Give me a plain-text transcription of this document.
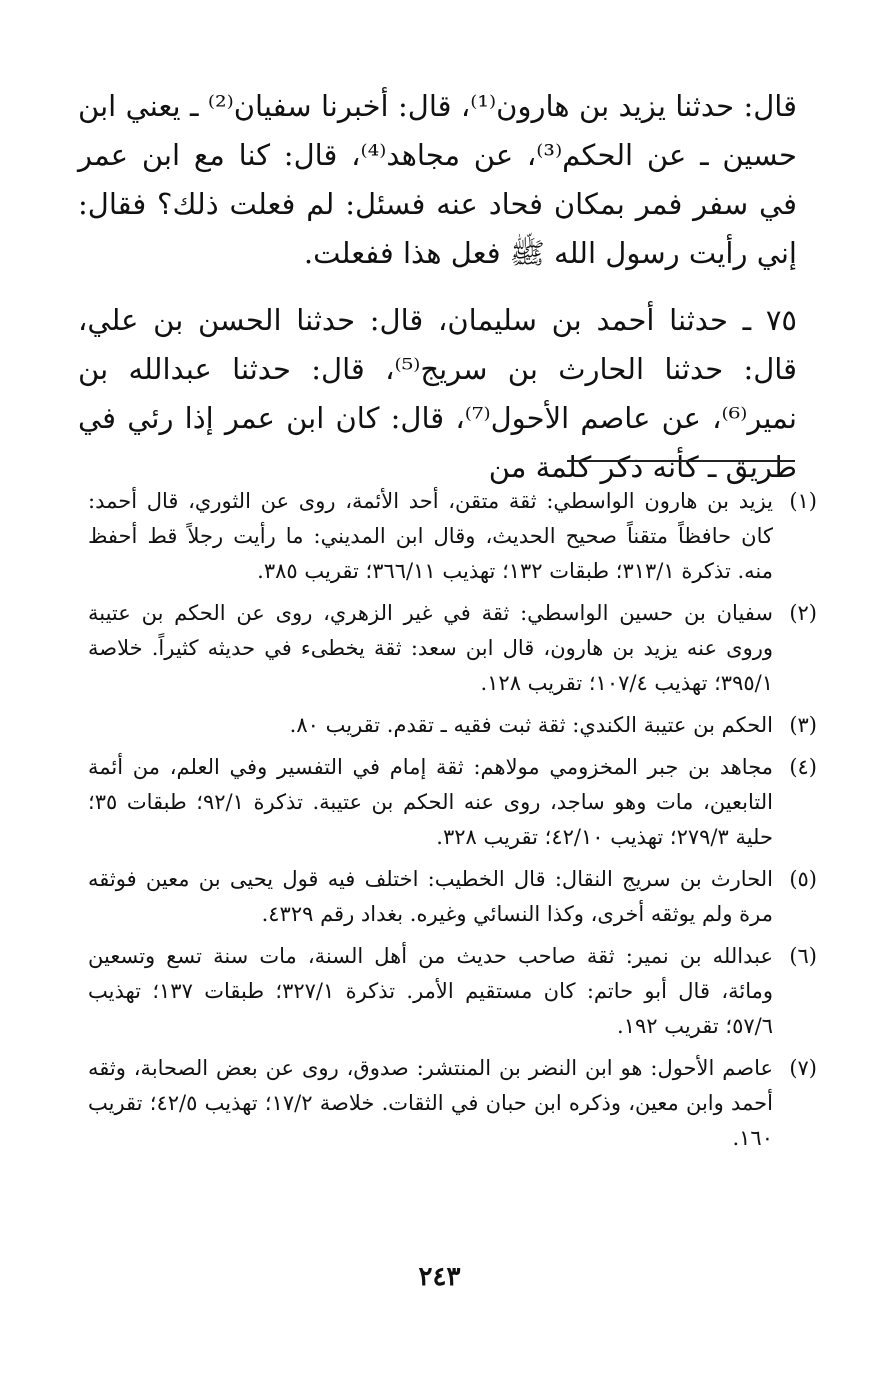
قال: حدثنا يزيد بن هارون⁽¹⁾، قال: أخبرنا سفيان⁽²⁾ ـ يعني ابن حسين ـ عن الحكم⁽³⁾، عن مجاهد⁽⁴⁾، قال: كنا مع ابن عمر في سفر فمر بمكان فحاد عنه فسئل: لم فعلت ذلك؟ فقال: إني رأيت رسول الله ﷺ فعل هذا ففعلت.

٧٥ ـ حدثنا أحمد بن سليمان، قال: حدثنا الحسن بن علي، قال: حدثنا الحارث بن سريج⁽⁵⁾، قال: حدثنا عبدالله بن نمير⁽⁶⁾، عن عاصم الأحول⁽⁷⁾، قال: كان ابن عمر إذا رئي في طريق ـ كأنه ذكر كلمة من

(١)
يزيد بن هارون الواسطي: ثقة متقن، أحد الأئمة، روى عن الثوري، قال أحمد: كان حافظاً متقناً صحيح الحديث، وقال ابن المديني: ما رأيت رجلاً قط أحفظ منه. تذكرة ٣١٣/١؛ طبقات ١٣٢؛ تهذيب ٣٦٦/١١؛ تقريب ٣٨٥.
(٢)
سفيان بن حسين الواسطي: ثقة في غير الزهري، روى عن الحكم بن عتيبة وروى عنه يزيد بن هارون، قال ابن سعد: ثقة يخطىء في حديثه كثيراً. خلاصة ٣٩٥/١؛ تهذيب ١٠٧/٤؛ تقريب ١٢٨.
(٣)
الحكم بن عتيبة الكندي: ثقة ثبت فقيه ـ تقدم. تقريب ٨٠.
(٤)
مجاهد بن جبر المخزومي مولاهم: ثقة إمام في التفسير وفي العلم، من أئمة التابعين، مات وهو ساجد، روى عنه الحكم بن عتيبة. تذكرة ٩٢/١؛ طبقات ٣٥؛ حلية ٢٧٩/٣؛ تهذيب ٤٢/١٠؛ تقريب ٣٢٨.
(٥)
الحارث بن سريج النقال: قال الخطيب: اختلف فيه قول يحيى بن معين فوثقه مرة ولم يوثقه أخرى، وكذا النسائي وغيره. بغداد رقم ٤٣٢٩.
(٦)
عبدالله بن نمير: ثقة صاحب حديث من أهل السنة، مات سنة تسع وتسعين ومائة، قال أبو حاتم: كان مستقيم الأمر. تذكرة ٣٢٧/١؛ طبقات ١٣٧؛ تهذيب ٥٧/٦؛ تقريب ١٩٢.
(٧)
عاصم الأحول: هو ابن النضر بن المنتشر: صدوق، روى عن بعض الصحابة، وثقه أحمد وابن معين، وذكره ابن حبان في الثقات. خلاصة ١٧/٢؛ تهذيب ٤٢/٥؛ تقريب ١٦٠.
٢٤٣
